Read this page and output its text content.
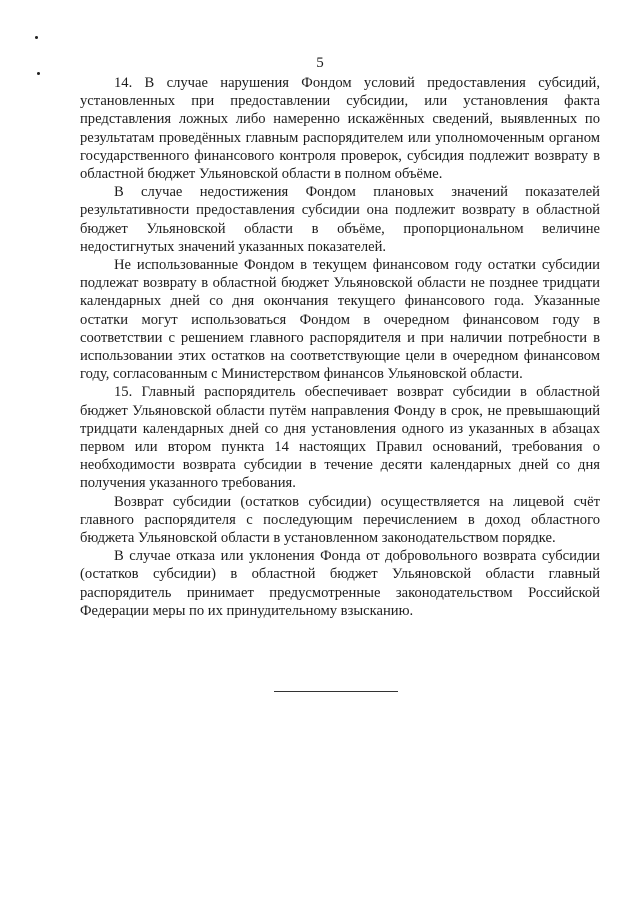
5

14. В случае нарушения Фондом условий предоставления субсидий, установленных при предоставлении субсидии, или установления факта представления ложных либо намеренно искажённых сведений, выявленных по результатам проведённых главным распорядителем или уполномоченным органом государственного финансового контроля проверок, субсидия подлежит возврату в областной бюджет Ульяновской области в полном объёме.

В случае недостижения Фондом плановых значений показателей результативности предоставления субсидии она подлежит возврату в областной бюджет Ульяновской области в объёме, пропорциональном величине недостигнутых значений указанных показателей.

Не использованные Фондом в текущем финансовом году остатки субсидии подлежат возврату в областной бюджет Ульяновской области не позднее тридцати календарных дней со дня окончания текущего финансового года. Указанные остатки могут использоваться Фондом в очередном финансовом году в соответствии с решением главного распорядителя и при наличии потребности в использовании этих остатков на соответствующие цели в очередном финансовом году, согласованным с Министерством финансов Ульяновской области.

15. Главный распорядитель обеспечивает возврат субсидии в областной бюджет Ульяновской области путём направления Фонду в срок, не превышающий тридцати календарных дней со дня установления одного из указанных в абзацах первом или втором пункта 14 настоящих Правил оснований, требования о необходимости возврата субсидии в течение десяти календарных дней со дня получения указанного требования.

Возврат субсидии (остатков субсидии) осуществляется на лицевой счёт главного распорядителя с последующим перечислением в доход областного бюджета Ульяновской области в установленном законодательством порядке.

В случае отказа или уклонения Фонда от добровольного возврата субсидии (остатков субсидии) в областной бюджет Ульяновской области главный распорядитель принимает предусмотренные законодательством Российской Федерации меры по их принудительному взысканию.
